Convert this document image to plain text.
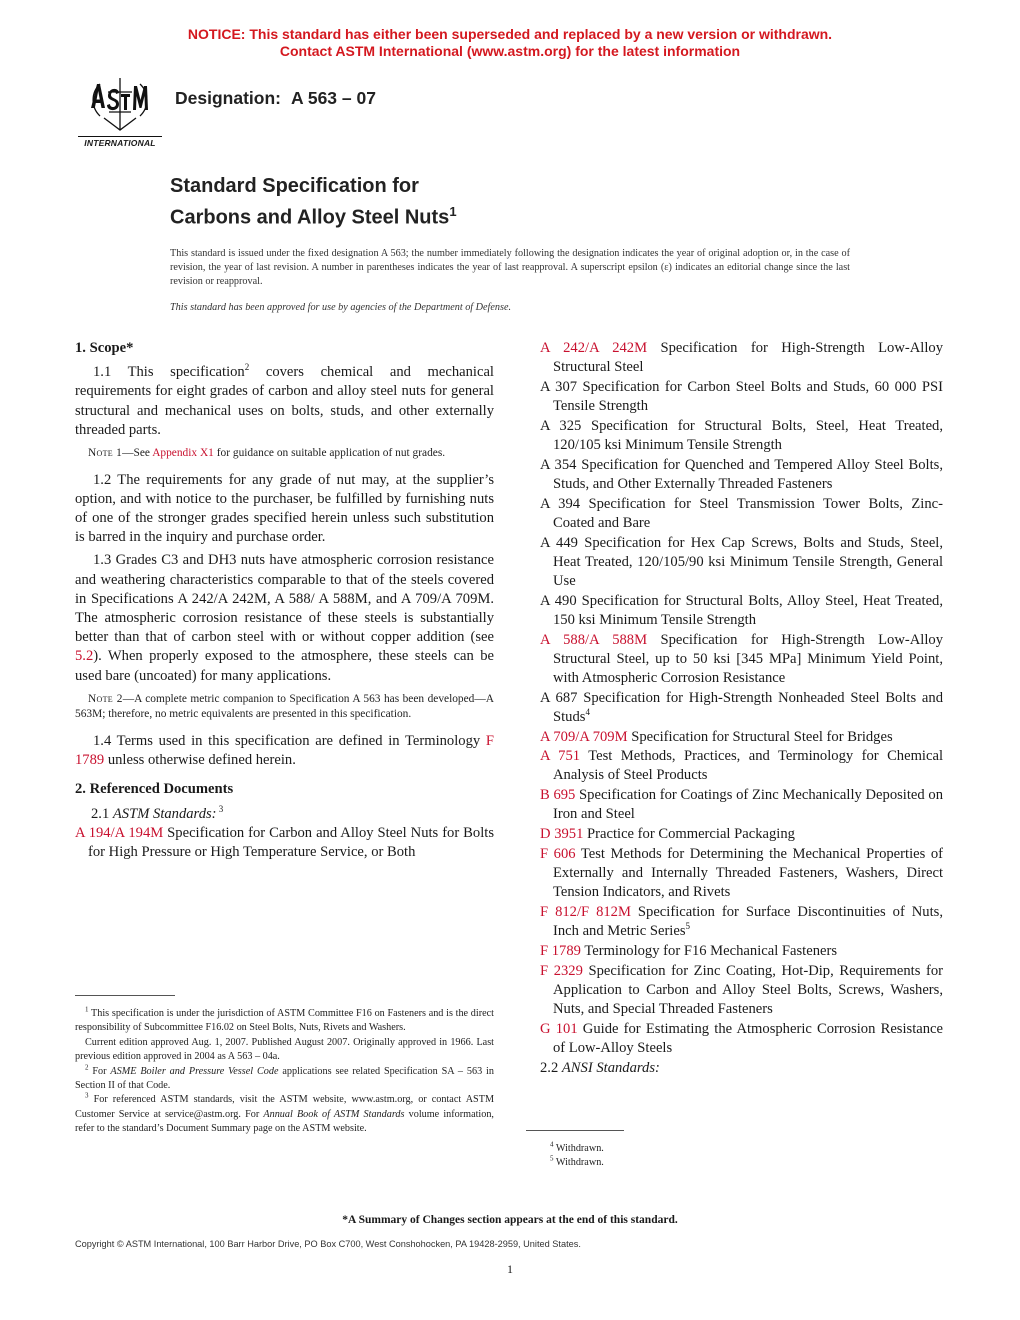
NOTICE: This standard has either been superseded and replaced by a new version or withdrawn.
Contact ASTM International (www.astm.org) for the latest information
INTERNATIONAL
Designation: A 563 – 07
Standard Specification for
Carbons and Alloy Steel Nuts$^1$
This standard is issued under the fixed designation A 563; the number immediately following the designation indicates the year of original adoption or, in the case of revision, the year of last revision. A number in parentheses indicates the year of last reapproval. A superscript epsilon (ε) indicates an editorial change since the last revision or reapproval.
This standard has been approved for use by agencies of the Department of Defense.
1. Scope*

1.1 This specification$^2$ covers chemical and mechanical requirements for eight grades of carbon and alloy steel nuts for general structural and mechanical uses on bolts, studs, and other externally threaded parts.

Note 1—See Appendix X1 for guidance on suitable application of nut grades.

1.2 The requirements for any grade of nut may, at the supplier’s option, and with notice to the purchaser, be fulfilled by furnishing nuts of one of the stronger grades specified herein unless such substitution is barred in the inquiry and purchase order.

1.3 Grades C3 and DH3 nuts have atmospheric corrosion resistance and weathering characteristics comparable to that of the steels covered in Specifications A 242/A 242M, A 588/ A 588M, and A 709/A 709M. The atmospheric corrosion resistance of these steels is substantially better than that of carbon steel with or without copper addition (see 5.2). When properly exposed to the atmosphere, these steels can be used bare (uncoated) for many applications.

Note 2—A complete metric companion to Specification A 563 has been developed—A 563M; therefore, no metric equivalents are presented in this specification.

1.4 Terms used in this specification are defined in Terminology F 1789 unless otherwise defined herein.

2. Referenced Documents

2.1 ASTM Standards: $^3$

A 194/A 194M Specification for Carbon and Alloy Steel Nuts for Bolts for High Pressure or High Temperature Service, or Both

A 242/A 242M Specification for High-Strength Low-Alloy Structural Steel

A 307 Specification for Carbon Steel Bolts and Studs, 60 000 PSI Tensile Strength

A 325 Specification for Structural Bolts, Steel, Heat Treated, 120/105 ksi Minimum Tensile Strength

A 354 Specification for Quenched and Tempered Alloy Steel Bolts, Studs, and Other Externally Threaded Fasteners

A 394 Specification for Steel Transmission Tower Bolts, Zinc-Coated and Bare

A 449 Specification for Hex Cap Screws, Bolts and Studs, Steel, Heat Treated, 120/105/90 ksi Minimum Tensile Strength, General Use

A 490 Specification for Structural Bolts, Alloy Steel, Heat Treated, 150 ksi Minimum Tensile Strength

A 588/A 588M Specification for High-Strength Low-Alloy Structural Steel, up to 50 ksi [345 MPa] Minimum Yield Point, with Atmospheric Corrosion Resistance

A 687 Specification for High-Strength Nonheaded Steel Bolts and Studs$^4$

A 709/A 709M Specification for Structural Steel for Bridges

A 751 Test Methods, Practices, and Terminology for Chemical Analysis of Steel Products

B 695 Specification for Coatings of Zinc Mechanically Deposited on Iron and Steel

D 3951 Practice for Commercial Packaging

F 606 Test Methods for Determining the Mechanical Properties of Externally and Internally Threaded Fasteners, Washers, Direct Tension Indicators, and Rivets

F 812/F 812M Specification for Surface Discontinuities of Nuts, Inch and Metric Series$^5$

F 1789 Terminology for F16 Mechanical Fasteners

F 2329 Specification for Zinc Coating, Hot-Dip, Requirements for Application to Carbon and Alloy Steel Bolts, Screws, Washers, Nuts, and Special Threaded Fasteners

G 101 Guide for Estimating the Atmospheric Corrosion Resistance of Low-Alloy Steels

2.2 ANSI Standards:

$^1$ This specification is under the jurisdiction of ASTM Committee F16 on Fasteners and is the direct responsibility of Subcommittee F16.02 on Steel Bolts, Nuts, Rivets and Washers.

Current edition approved Aug. 1, 2007. Published August 2007. Originally approved in 1966. Last previous edition approved in 2004 as A 563 – 04a.

$^2$ For ASME Boiler and Pressure Vessel Code applications see related Specification SA – 563 in Section II of that Code.

$^3$ For referenced ASTM standards, visit the ASTM website, www.astm.org, or contact ASTM Customer Service at service@astm.org. For Annual Book of ASTM Standards volume information, refer to the standard’s Document Summary page on the ASTM website.

$^4$ Withdrawn.

$^5$ Withdrawn.

*A Summary of Changes section appears at the end of this standard.
Copyright © ASTM International, 100 Barr Harbor Drive, PO Box C700, West Conshohocken, PA 19428-2959, United States.
1
